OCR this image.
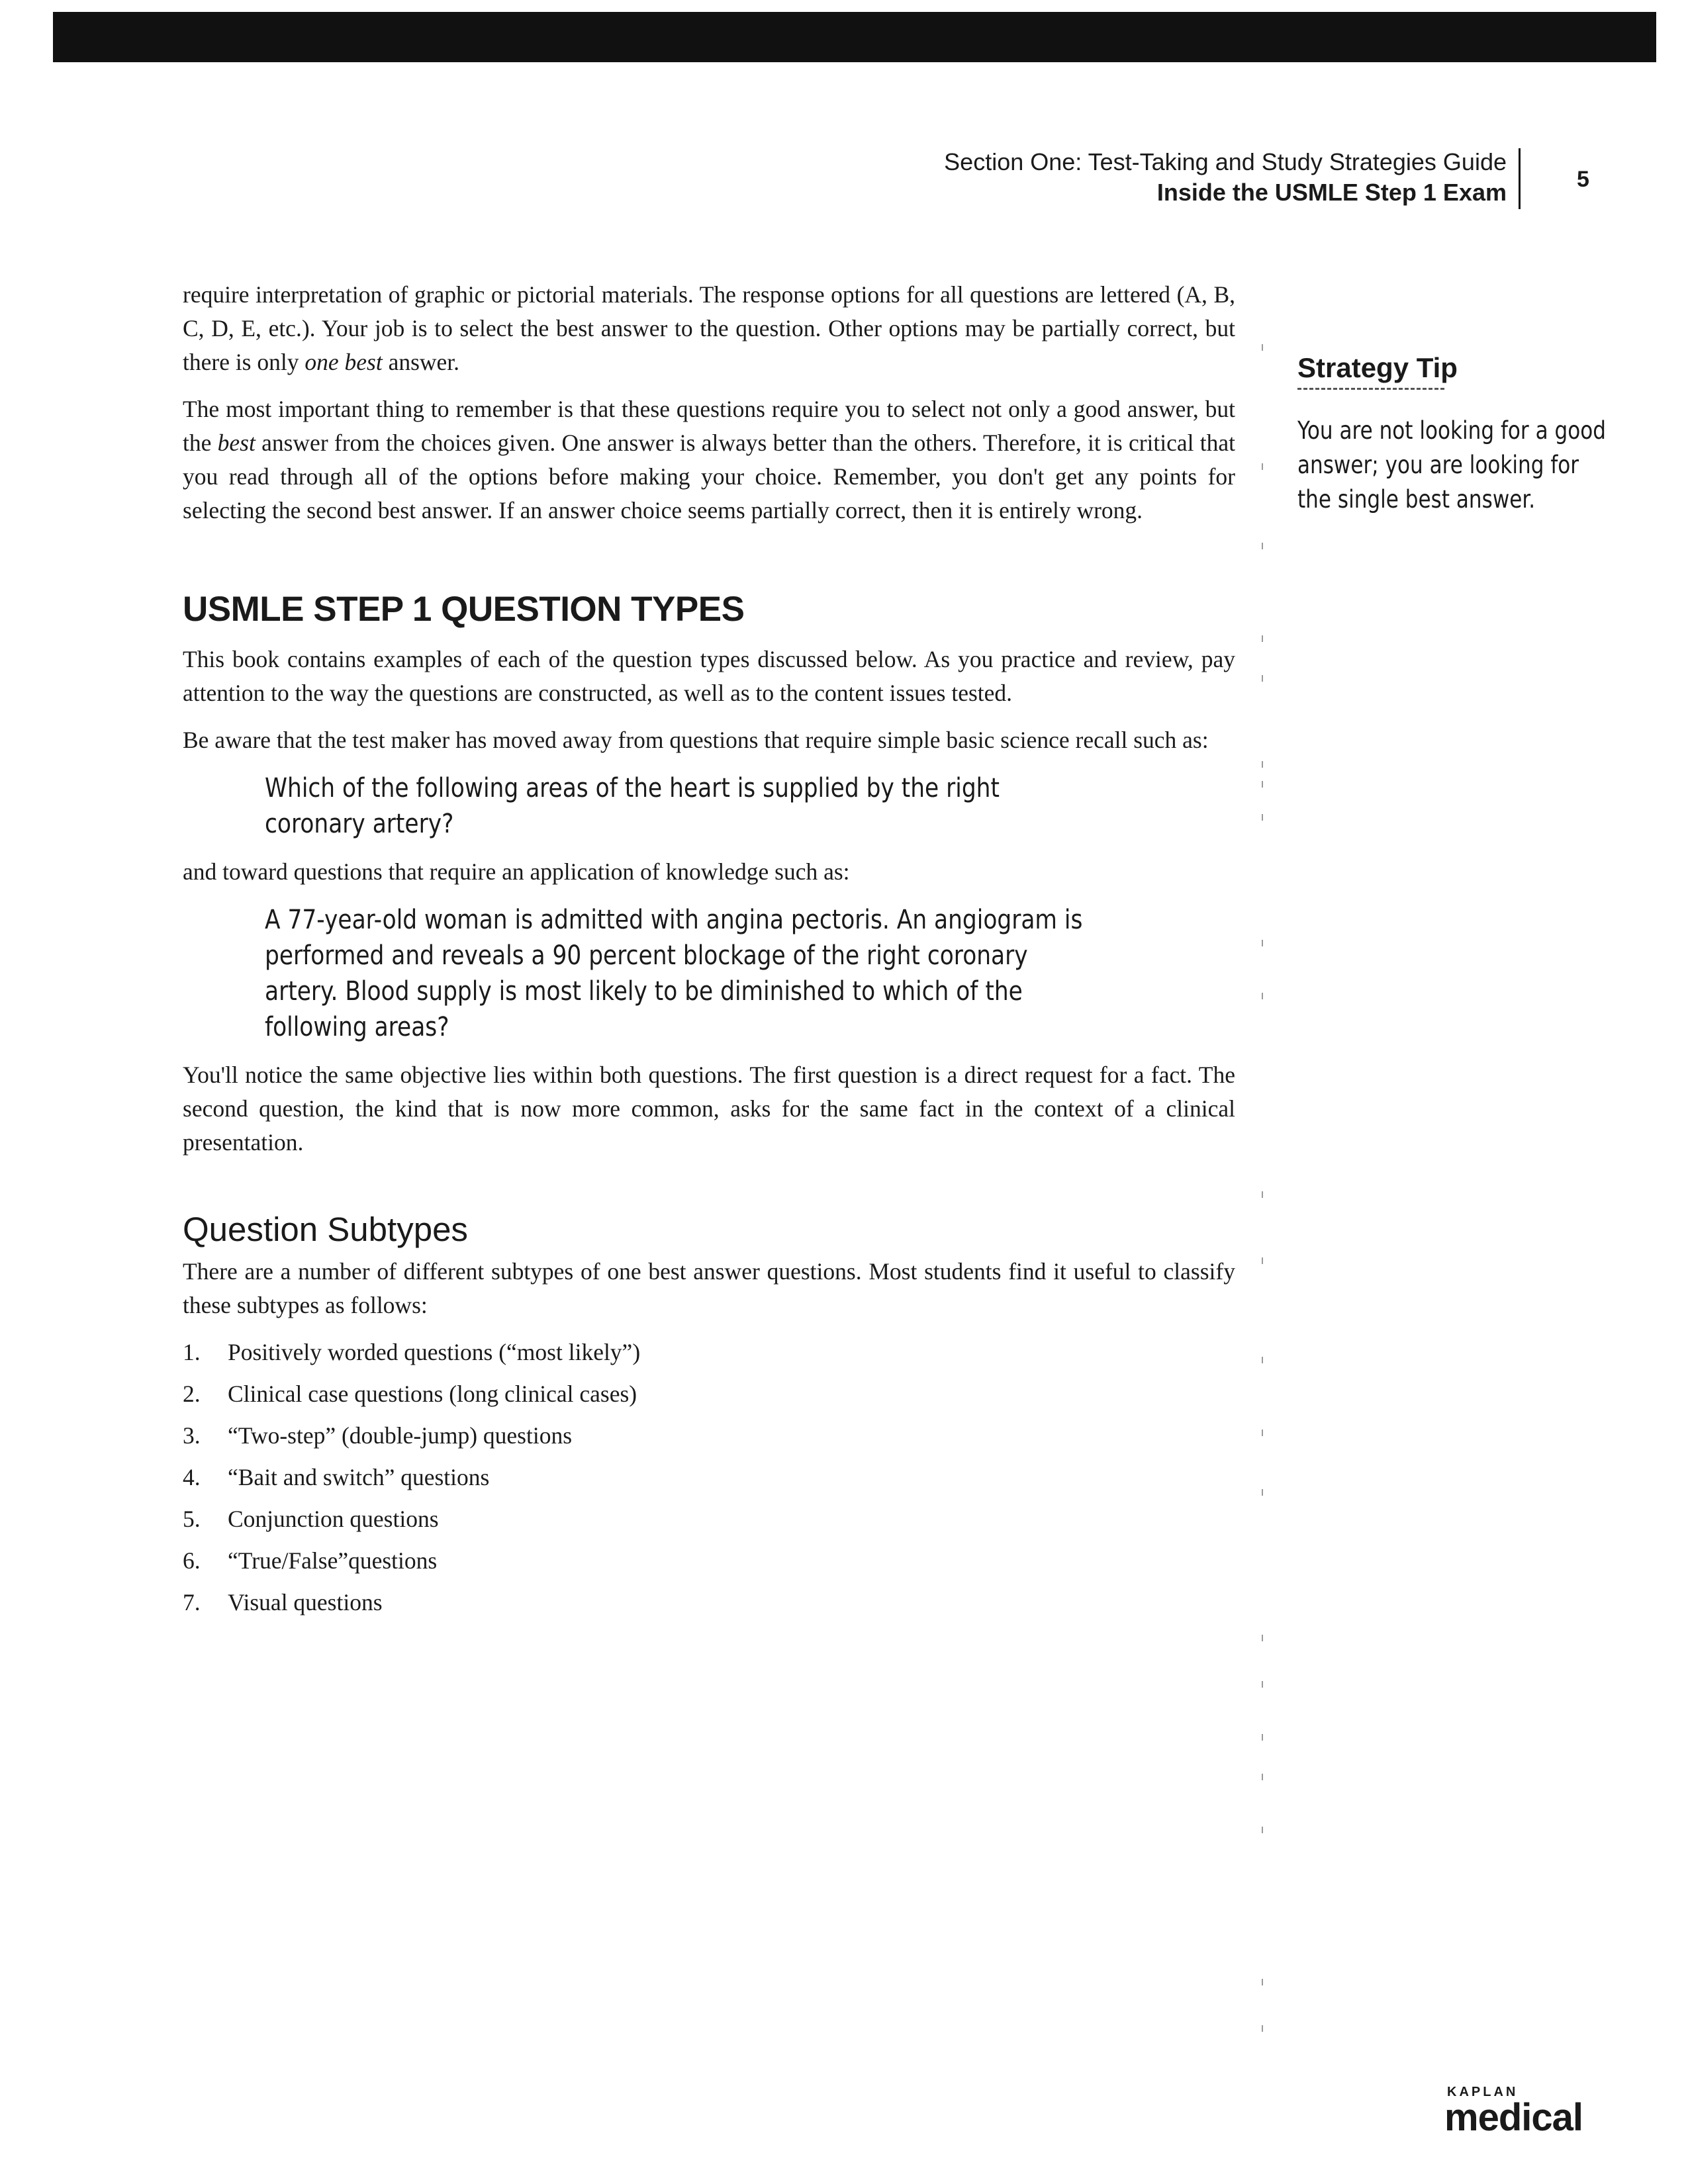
Section One: Test-Taking and Study Strategies Guide
Inside the USMLE Step 1 Exam	5

require interpretation of graphic or pictorial materials. The response options for all questions are lettered (A, B, C, D, E, etc.). Your job is to select the best answer to the question. Other options may be partially correct, but there is only one best answer.

The most important thing to remember is that these questions require you to select not only a good answer, but the best answer from the choices given. One answer is always better than the others. Therefore, it is critical that you read through all of the options before making your choice. Remember, you don't get any points for selecting the second best answer. If an answer choice seems partially correct, then it is entirely wrong.

USMLE STEP 1 QUESTION TYPES

This book contains examples of each of the question types discussed below. As you practice and review, pay attention to the way the questions are constructed, as well as to the content issues tested.

Be aware that the test maker has moved away from questions that require simple basic science recall such as:

Which of the following areas of the heart is supplied by the right coronary artery?

and toward questions that require an application of knowledge such as:

A 77-year-old woman is admitted with angina pectoris. An angiogram is performed and reveals a 90 percent blockage of the right coronary artery. Blood supply is most likely to be diminished to which of the following areas?

You'll notice the same objective lies within both questions. The first question is a direct request for a fact. The second question, the kind that is now more common, asks for the same fact in the context of a clinical presentation.

Question Subtypes

There are a number of different subtypes of one best answer questions. Most students find it useful to classify these subtypes as follows:

1.	Positively worded questions (“most likely”)
2.	Clinical case questions (long clinical cases)
3.	“Two-step” (double-jump) questions
4.	“Bait and switch” questions
5.	Conjunction questions
6.	“True/False”questions
7.	Visual questions
Strategy Tip
You are not looking for a good answer; you are looking for the single best answer.
KAPLAN
medical
